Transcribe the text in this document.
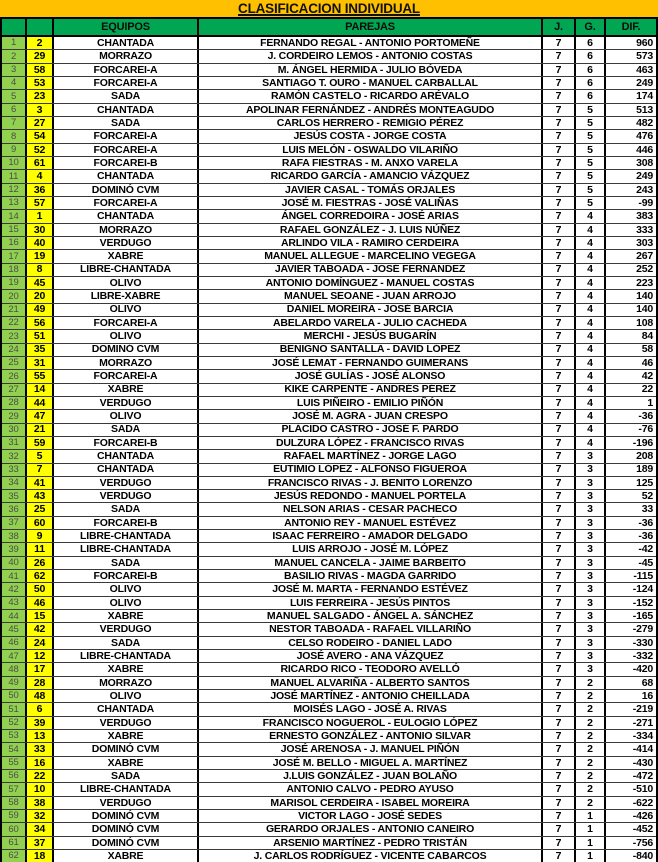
CLASIFICACION INDIVIDUAL
EQUIPOS	PAREJAS	J.	G.	DIF.
1	2	CHANTADA	FERNANDO REGAL - ANTONIO PORTOMEÑE	7	6	960
2	29	MORRAZO	J. CORDEIRO LEMOS - ANTONIO COSTAS	7	6	573
3	58	FORCAREI-A	M. ÁNGEL HERMIDA - JULIO BÓVEDA	7	6	463
4	53	FORCAREI-A	SANTIAGO T. OURO - MANUEL CARBALLAL	7	6	249
5	23	SADA	RAMÓN CASTELO - RICARDO ARÉVALO	7	6	174
6	3	CHANTADA	APOLINAR FERNÁNDEZ - ANDRÉS MONTEAGUDO	7	5	513
7	27	SADA	CARLOS HERRERO - REMIGIO PÉREZ	7	5	482
8	54	FORCAREI-A	JESÚS COSTA - JORGE COSTA	7	5	476
9	52	FORCAREI-A	LUIS MELÓN - OSWALDO VILARIÑO	7	5	446
10	61	FORCAREI-B	RAFA FIESTRAS - M. ANXO VARELA	7	5	308
11	4	CHANTADA	RICARDO GARCÍA - AMANCIO VÁZQUEZ	7	5	249
12	36	DOMINÓ CVM	JAVIER CASAL - TOMÁS ORJALES	7	5	243
13	57	FORCAREI-A	JOSÉ M. FIESTRAS - JOSÉ VALIÑAS	7	5	-99
14	1	CHANTADA	ÁNGEL CORREDOIRA - JOSÉ ARIAS	7	4	383
15	30	MORRAZO	RAFAEL GONZÁLEZ - J. LUIS NÚÑEZ	7	4	333
16	40	VERDUGO	ARLINDO VILA - RAMIRO CERDEIRA	7	4	303
17	19	XABRE	MANUEL ALLEGUE - MARCELINO VEGEGA	7	4	267
18	8	LIBRE-CHANTADA	JAVIER TABOADA - JOSÉ FERNÁNDEZ	7	4	252
19	45	OLIVO	ANTONIO DOMÍNGUEZ - MANUEL COSTAS	7	4	223
20	20	LIBRE-XABRE	MANUEL SEOANE - JUAN ARROJO	7	4	140
21	49	OLIVO	DANIEL MOREIRA - JOSÉ BARCIA	7	4	140
22	56	FORCAREI-A	ABELARDO VARELA - JULIO CACHEDA	7	4	108
23	51	OLIVO	MERCHI - JESÚS BUGARÍN	7	4	84
24	35	DOMINÓ CVM	BENIGNO SANTALLA - DAVID LÓPEZ	7	4	58
25	31	MORRAZO	JOSÉ LEMAT - FERNANDO GUIMERANS	7	4	46
26	55	FORCAREI-A	JOSÉ GULÍAS - JOSÉ ALONSO	7	4	42
27	14	XABRE	KIKE CARPENTE - ANDRÉS PÉREZ	7	4	22
28	44	VERDUGO	LUIS PIÑEIRO - EMILIO PIÑÓN	7	4	1
29	47	OLIVO	JOSÉ M. AGRA - JUAN CRESPO	7	4	-36
30	21	SADA	PLÁCIDO CASTRO - JOSÉ F. PARDO	7	4	-76
31	59	FORCAREI-B	DULZURA LÓPEZ - FRANCISCO RIVAS	7	4	-196
32	5	CHANTADA	RAFAEL MARTÍNEZ - JORGE LAGO	7	3	208
33	7	CHANTADA	EUTIMIO LÓPEZ - ALFONSO FIGUEROA	7	3	189
34	41	VERDUGO	FRANCISCO RIVAS - J. BENITO LORENZO	7	3	125
35	43	VERDUGO	JESÚS REDONDO - MANUEL PORTELA	7	3	52
36	25	SADA	NELSON ARIAS - CESAR PACHECO	7	3	33
37	60	FORCAREI-B	ANTONIO REY - MANUEL ESTÉVEZ	7	3	-36
38	9	LIBRE-CHANTADA	ISAAC FERREIRO - AMADOR DELGADO	7	3	-36
39	11	LIBRE-CHANTADA	LUIS ARROJO - JOSÉ M. LÓPEZ	7	3	-42
40	26	SADA	MANUEL CANCELA - JAIME BARBEITO	7	3	-45
41	62	FORCAREI-B	BASILIO RIVAS - MAGDA GARRIDO	7	3	-115
42	50	OLIVO	JOSÉ M. MARTA - FERNANDO ESTÉVEZ	7	3	-124
43	46	OLIVO	LUIS FERREIRA - JESÚS PINTOS	7	3	-152
44	15	XABRE	MANUEL SALGADO - ÁNGEL A. SÁNCHEZ	7	3	-165
45	42	VERDUGO	NESTOR TABOADA - RAFAEL VILLARIÑO	7	3	-279
46	24	SADA	CELSO RODEIRO - DANIEL LADO	7	3	-330
47	12	LIBRE-CHANTADA	JOSÉ AVERO - ANA VÁZQUEZ	7	3	-332
48	17	XABRE	RICARDO RICO - TEODORO AVELLÓ	7	3	-420
49	28	MORRAZO	MANUEL ALVARIÑA - ALBERTO SANTOS	7	2	68
50	48	OLIVO	JOSÉ MARTÍNEZ - ANTONIO CHEILLADA	7	2	16
51	6	CHANTADA	MOISÉS LAGO - JOSÉ A. RIVAS	7	2	-219
52	39	VERDUGO	FRANCISCO NOGUEROL - EULOGIO LÓPEZ	7	2	-271
53	13	XABRE	ERNESTO GONZÁLEZ - ANTONIO SILVAR	7	2	-334
54	33	DOMINÓ CVM	JOSÉ ARENOSA - J. MANUEL PIÑÓN	7	2	-414
55	16	XABRE	JOSÉ M. BELLO - MIGUEL A. MARTÍNEZ	7	2	-430
56	22	SADA	J.LUIS GONZÁLEZ - JUAN BOLAÑO	7	2	-472
57	10	LIBRE-CHANTADA	ANTONIO CALVO - PEDRO AYUSO	7	2	-510
58	38	VERDUGO	MARISOL CERDEIRA - ISABEL MOREIRA	7	2	-622
59	32	DOMINÓ CVM	VICTOR LAGO - JOSÉ SEDES	7	1	-426
60	34	DOMINÓ CVM	GERARDO ORJALES - ANTONIO CANEIRO	7	1	-452
61	37	DOMINÓ CVM	ARSENIO MARTÍNEZ - PEDRO TRISTÁN	7	1	-756
62	18	XABRE	J. CARLOS RODRÍGUEZ - VICENTE CABARCOS	7	1	-840
